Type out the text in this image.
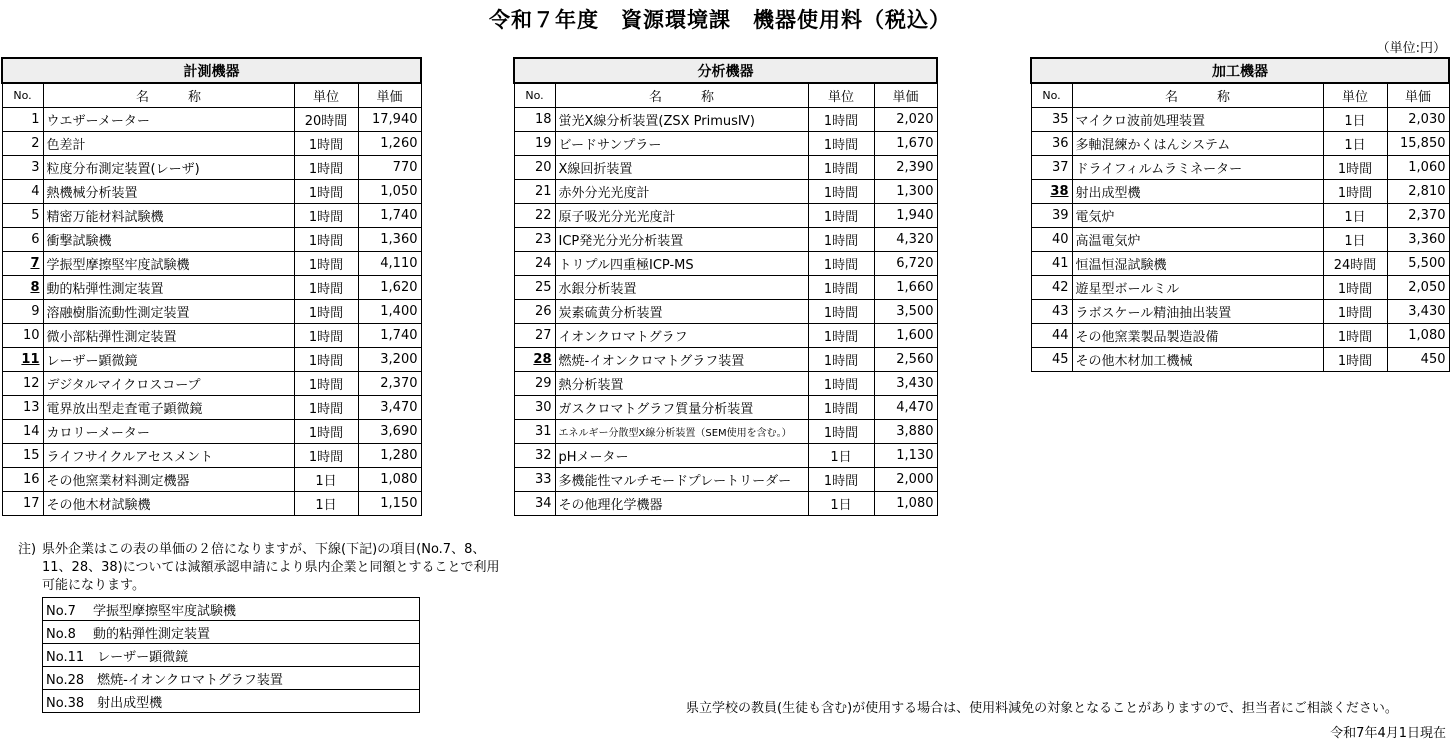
令和７年度　資源環境課　機器使用料（税込）
（単位:円）
計測機器			
No.	名　　　称	単位	単価
1	ウエザーメーター	20時間	17,940
2	色差計	1時間	1,260
3	粒度分布測定装置(レーザ)	1時間	770
4	熱機械分析装置	1時間	1,050
5	精密万能材料試験機	1時間	1,740
6	衝撃試験機	1時間	1,360
7	学振型摩擦堅牢度試験機	1時間	4,110
8	動的粘弾性測定装置	1時間	1,620
9	溶融樹脂流動性測定装置	1時間	1,400
10	微小部粘弾性測定装置	1時間	1,740
11	レーザー顕微鏡	1時間	3,200
12	デジタルマイクロスコープ	1時間	2,370
13	電界放出型走査電子顕微鏡	1時間	3,470
14	カロリーメーター	1時間	3,690
15	ライフサイクルアセスメント	1時間	1,280
16	その他窯業材料測定機器	1日	1,080
17	その他木材試験機	1日	1,150
分析機器			
No.	名　　　称	単位	単価
18	蛍光X線分析装置(ZSX PrimusⅣ)	1時間	2,020
19	ビードサンプラー	1時間	1,670
20	X線回折装置	1時間	2,390
21	赤外分光光度計	1時間	1,300
22	原子吸光分光光度計	1時間	1,940
23	ICP発光分光分析装置	1時間	4,320
24	トリプル四重極ICP-MS	1時間	6,720
25	水銀分析装置	1時間	1,660
26	炭素硫黄分析装置	1時間	3,500
27	イオンクロマトグラフ	1時間	1,600
28	燃焼-イオンクロマトグラフ装置	1時間	2,560
29	熱分析装置	1時間	3,430
30	ガスクロマトグラフ質量分析装置	1時間	4,470
31	エネルギー分散型X線分析装置（SEM使用を含む。）	1時間	3,880
32	pHメーター	1日	1,130
33	多機能性マルチモードプレートリーダー	1時間	2,000
34	その他理化学機器	1日	1,080
加工機器			
No.	名　　　称	単位	単価
35	マイクロ波前処理装置	1日	2,030
36	多軸混練かくはんシステム	1日	15,850
37	ドライフィルムラミネーター	1時間	1,060
38	射出成型機	1時間	2,810
39	電気炉	1日	2,370
40	高温電気炉	1日	3,360
41	恒温恒湿試験機	24時間	5,500
42	遊星型ボールミル	1時間	2,050
43	ラボスケール精油抽出装置	1時間	3,430
44	その他窯業製品製造設備	1時間	1,080
45	その他木材加工機械	1時間	450
注) 県外企業はこの表の単価の２倍になりますが、下線(下記)の項目(No.7、8、11、28、38)については減額承認申請により県内企業と同額とすることで利用可能になります。
No.7　 学振型摩擦堅牢度試験機
No.8　 動的粘弾性測定装置
No.11　レーザー顕微鏡
No.28　燃焼-イオンクロマトグラフ装置
No.38　射出成型機	県立学校の教員(生徒も含む)が使用する場合は、使用料減免の対象となることがありますので、担当者にご相談ください。
令和7年4月1日現在
